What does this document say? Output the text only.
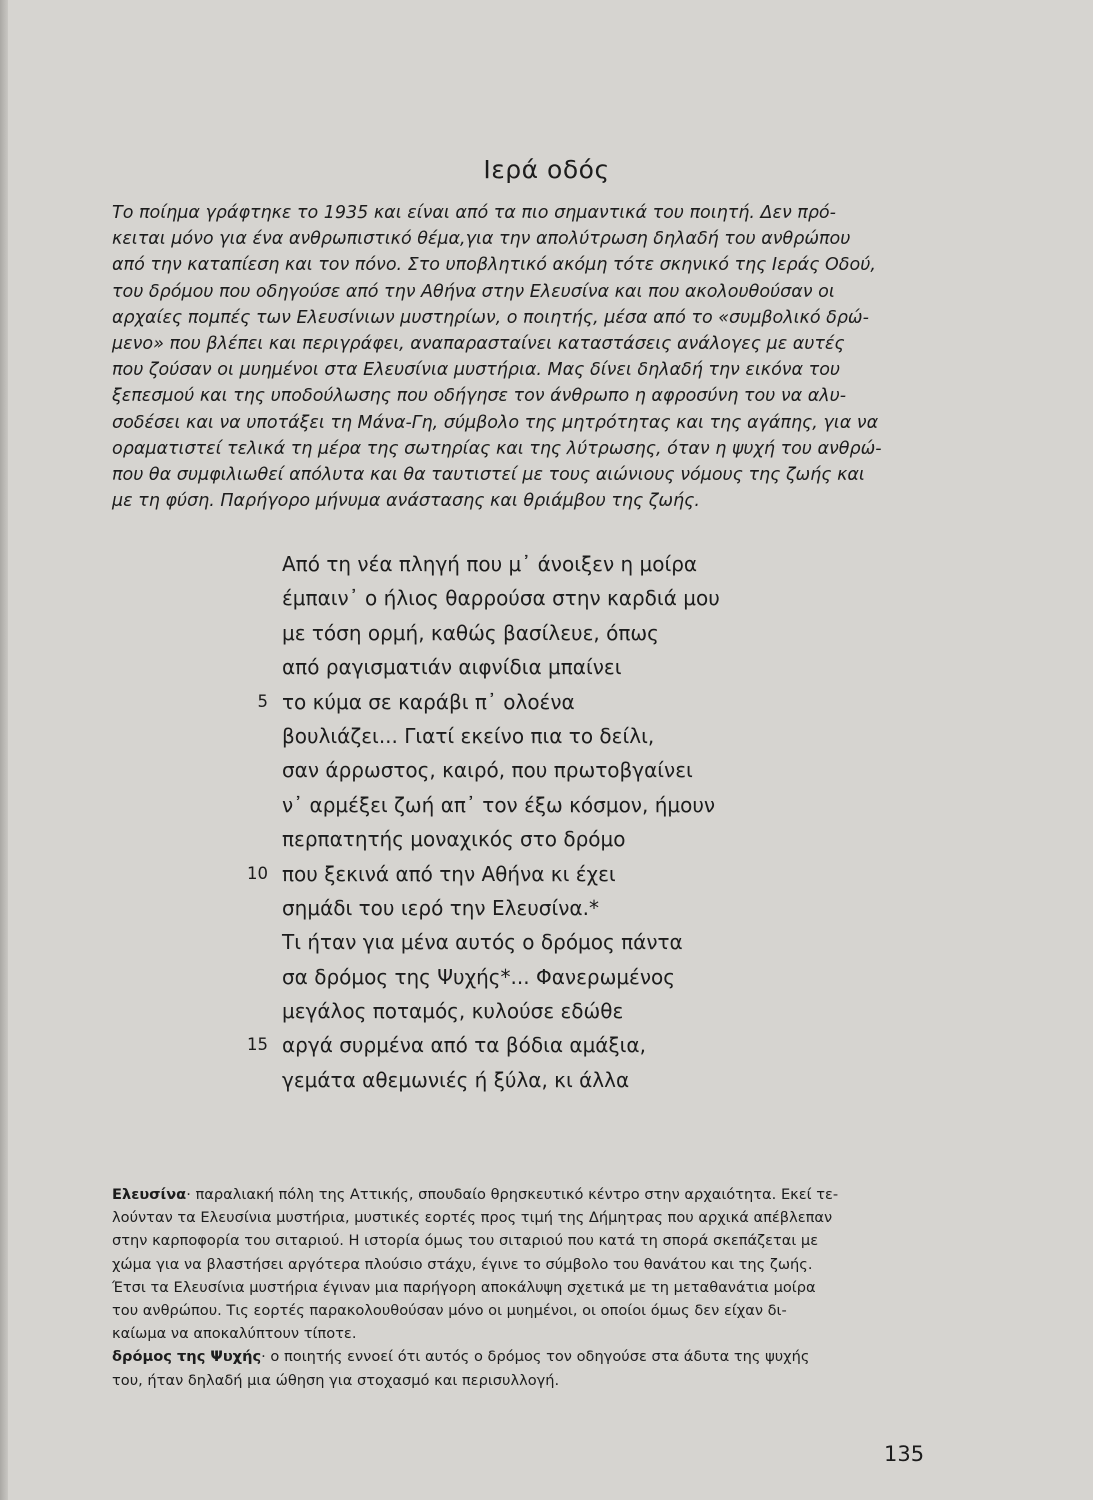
Ιερά οδός

Το ποίημα γράφτηκε το 1935 και είναι από τα πιο σημαντικά του ποιητή. Δεν πρό-
κειται μόνο για ένα ανθρωπιστικό θέμα,για την απολύτρωση δηλαδή του ανθρώπου
από την καταπίεση και τον πόνο. Στο υποβλητικό ακόμη τότε σκηνικό της Ιεράς Οδού,
του δρόμου που οδηγούσε από την Αθήνα στην Ελευσίνα και που ακολουθούσαν οι
αρχαίες πομπές των Ελευσίνιων μυστηρίων, ο ποιητής, μέσα από το «συμβολικό δρώ-
μενο» που βλέπει και περιγράφει, αναπαρασταίνει καταστάσεις ανάλογες με αυτές
που ζούσαν οι μυημένοι στα Ελευσίνια μυστήρια. Μας δίνει δηλαδή την εικόνα του
ξεπεσμού και της υποδούλωσης που οδήγησε τον άνθρωπο η αφροσύνη του να αλυ-
σοδέσει και να υποτάξει τη Μάνα-Γη, σύμβολο της μητρότητας και της αγάπης, για να
οραματιστεί τελικά τη μέρα της σωτηρίας και της λύτρωσης, όταν η ψυχή του ανθρώ-
που θα συμφιλιωθεί απόλυτα και θα ταυτιστεί με τους αιώνιους νόμους της ζωής και
με τη φύση. Παρήγορο μήνυμα ανάστασης και θριάμβου της ζωής.

Από τη νέα πληγή που μ᾽ άνοιξεν η μοίρα
έμπαιν᾽ ο ήλιος θαρρούσα στην καρδιά μου
με τόση ορμή, καθώς βασίλευε, όπως
από ραγισματιάν αιφνίδια μπαίνει
5 το κύμα σε καράβι π᾽ ολοένα
βουλιάζει... Γιατί εκείνο πια το δείλι,
σαν άρρωστος, καιρό, που πρωτοβγαίνει
ν᾽ αρμέξει ζωή απ᾽ τον έξω κόσμον, ήμουν
περπατητής μοναχικός στο δρόμο
10 που ξεκινά από την Αθήνα κι έχει
σημάδι του ιερό την Ελευσίνα.*
Τι ήταν για μένα αυτός ο δρόμος πάντα
σα δρόμος της Ψυχής*... Φανερωμένος
μεγάλος ποταμός, κυλούσε εδώθε
15 αργά συρμένα από τα βόδια αμάξια,
γεμάτα αθεμωνιές ή ξύλα, κι άλλα

Ελευσίνα· παραλιακή πόλη της Αττικής, σπουδαίο θρησκευτικό κέντρο στην αρχαιότητα. Εκεί τε-
λούνταν τα Ελευσίνια μυστήρια, μυστικές εορτές προς τιμή της Δήμητρας που αρχικά απέβλεπαν
στην καρποφορία του σιταριού. Η ιστορία όμως του σιταριού που κατά τη σπορά σκεπάζεται με
χώμα για να βλαστήσει αργότερα πλούσιο στάχυ, έγινε το σύμβολο του θανάτου και της ζωής.
Έτσι τα Ελευσίνια μυστήρια έγιναν μια παρήγορη αποκάλυψη σχετικά με τη μεταθανάτια μοίρα
του ανθρώπου. Τις εορτές παρακολουθούσαν μόνο οι μυημένοι, οι οποίοι όμως δεν είχαν δι-
καίωμα να αποκαλύπτουν τίποτε.

δρόμος της Ψυχής· ο ποιητής εννοεί ότι αυτός ο δρόμος τον οδηγούσε στα άδυτα της ψυχής
του, ήταν δηλαδή μια ώθηση για στοχασμό και περισυλλογή.

135
